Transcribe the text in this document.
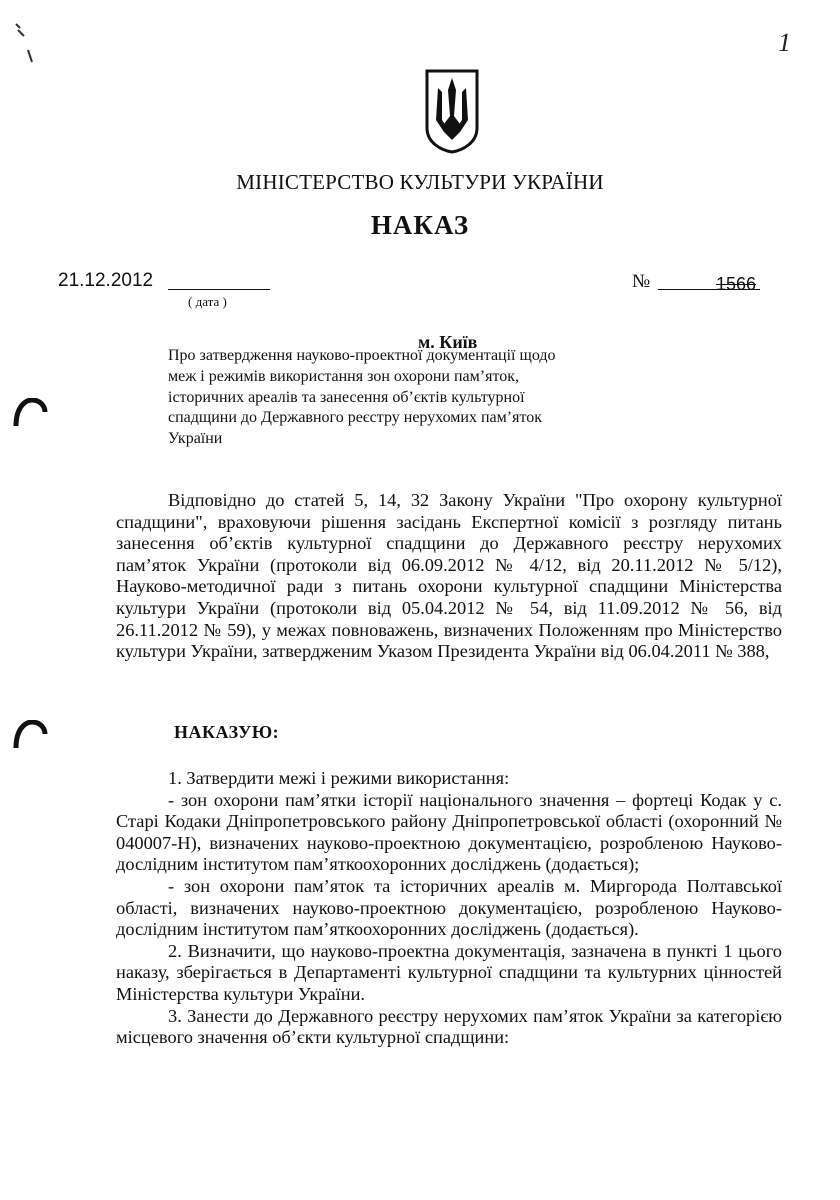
1
МІНІСТЕРСТВО КУЛЬТУРИ УКРАЇНИ
НАКАЗ
21.12.2012
( дата )
№	1566
м. Київ
Про затвердження науково-проектної документації щодо меж і режимів використання зон охорони пам’яток, історичних ареалів та занесення об’єктів культурної спадщини до Державного реєстру нерухомих пам’яток України

Відповідно до статей 5, 14, 32 Закону України "Про охорону культурної спадщини", враховуючи рішення засідань Експертної комісії з розгляду питань занесення об’єктів культурної спадщини до Державного реєстру нерухомих пам’яток України (протоколи від 06.09.2012 № 4/12, від 20.11.2012 № 5/12), Науково-методичної ради з питань охорони культурної спадщини Міністерства культури України (протоколи від 05.04.2012 № 54, від 11.09.2012 № 56, від 26.11.2012 № 59), у межах повноважень, визначених Положенням про Міністерство культури України, затвердженим Указом Президента України від 06.04.2011 № 388,

НАКАЗУЮ:

1. Затвердити межі і режими використання:

- зон охорони пам’ятки історії національного значення – фортеці Кодак у с. Старі Кодаки Дніпропетровського району Дніпропетровської області (охоронний № 040007-Н), визначених науково-проектною документацією, розробленою Науково-дослідним інститутом пам’яткоохоронних досліджень (додається);

- зон охорони пам’яток та історичних ареалів м. Миргорода Полтавської області, визначених науково-проектною документацією, розробленою Науково-дослідним інститутом пам’яткоохоронних досліджень (додається).

2. Визначити, що науково-проектна документація, зазначена в пункті 1 цього наказу, зберігається в Департаменті культурної спадщини та культурних цінностей Міністерства культури України.

3. Занести до Державного реєстру нерухомих пам’яток України за категорією місцевого значення об’єкти культурної спадщини:
